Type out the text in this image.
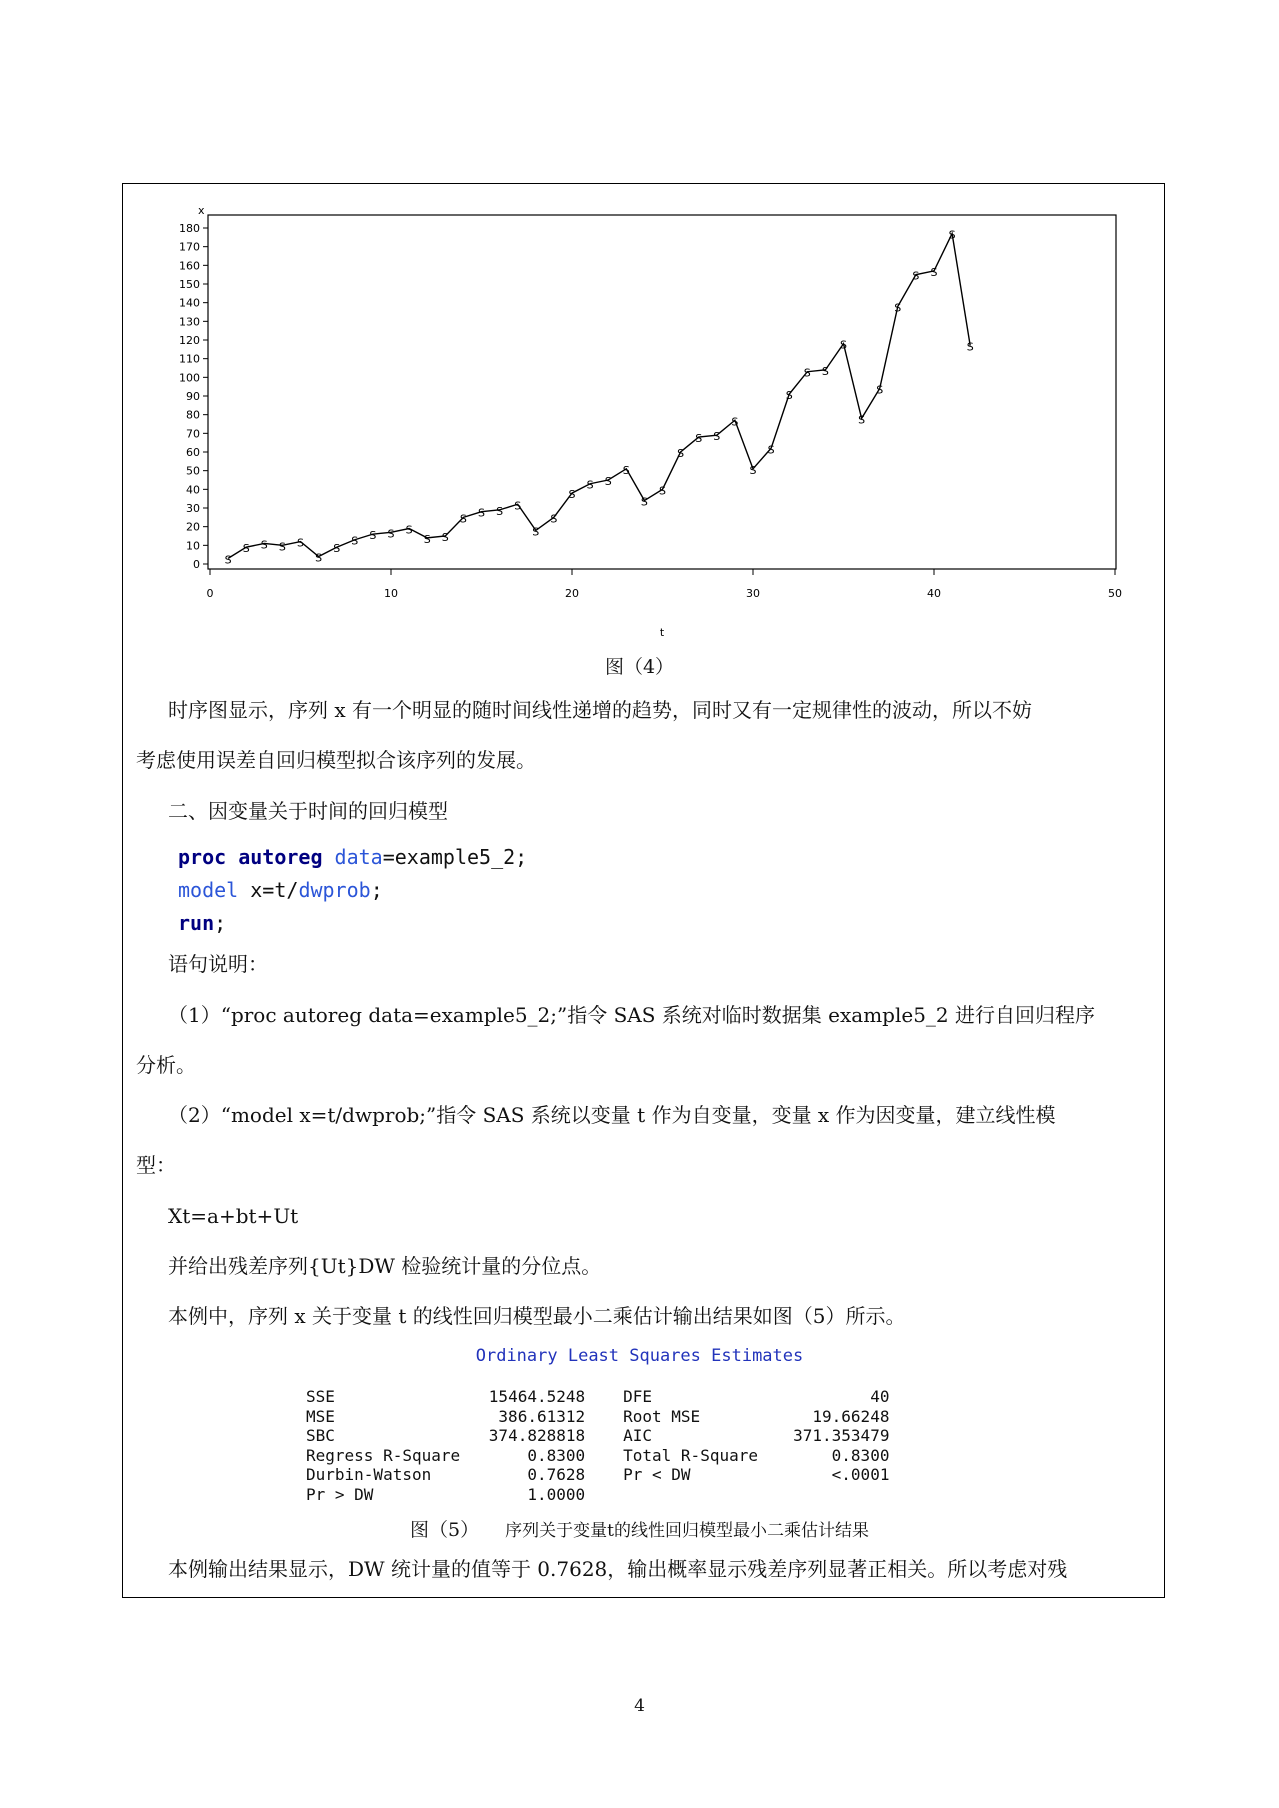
x
t
0
10
20
30
40
50
60
70
80
90
100
110
120
130
140
150
160
170
180
0	10	20	30	40	50
S
S S S S
S
S
S S S S
S S
S S S S
S
S
S
S S
S
S
S
S
S S
S
S
S
S
S S
S
S
S
S
S S
S
S
图（4）
时序图显示，序列 x 有一个明显的随时间线性递增的趋势，同时又有一定规律性的波动，所以不妨
考虑使用误差自回归模型拟合该序列的发展。
二、因变量关于时间的回归模型
proc autoreg data=example5_2;
model x=t/dwprob;
run;
语句说明：
（1）“proc autoreg data=example5_2;”指令 SAS 系统对临时数据集 example5_2 进行自回归程序
分析。
（2）“model x=t/dwprob;”指令 SAS 系统以变量 t 作为自变量，变量 x 作为因变量，建立线性模
型：
Xt=a+bt+Ut
并给出残差序列{Ut}DW 检验统计量的分位点。
本例中，序列 x 关于变量 t 的线性回归模型最小二乘估计输出结果如图（5）所示。
Ordinary Least Squares Estimates
SSE	15464.5248		DFE	40
MSE	386.61312		Root MSE	19.66248
SBC	374.828818		AIC	371.353479
Regress R-Square	0.8300		Total R-Square	0.8300
Durbin-Watson	0.7628		Pr < DW	<.0001
Pr > DW	1.0000			
图（5） 序列关于变量t的线性回归模型最小二乘估计结果
本例输出结果显示，DW 统计量的值等于 0.7628，输出概率显示残差序列显著正相关。所以考虑对残
4
